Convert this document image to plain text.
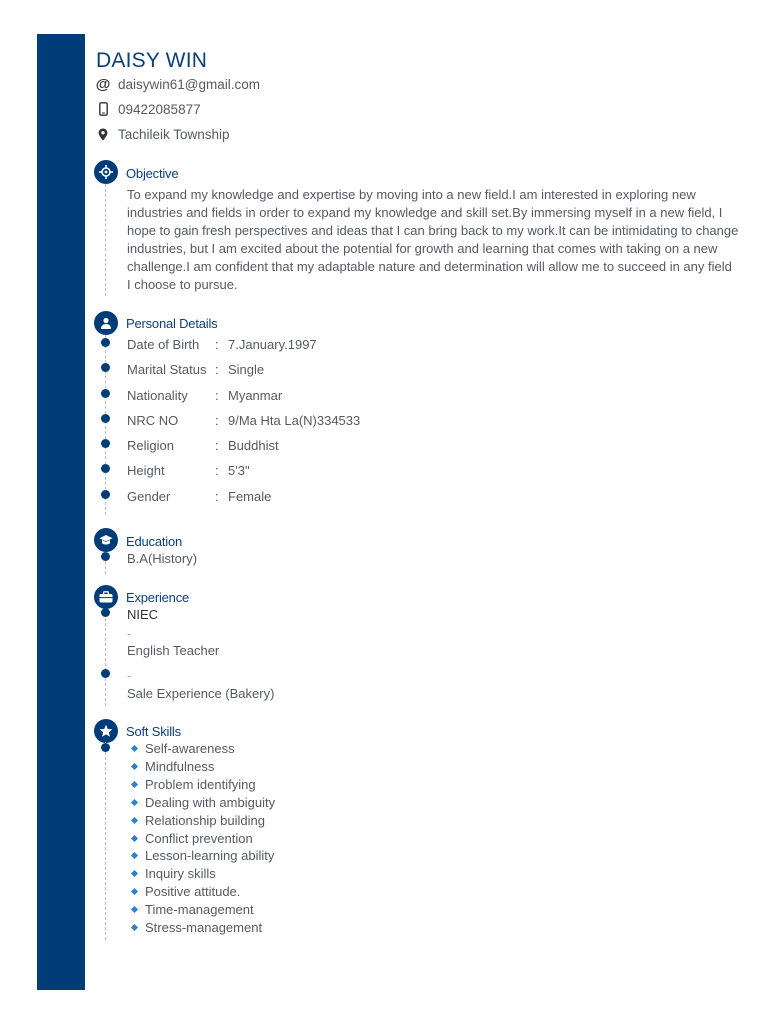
DAISY WIN
@ daisywin61@gmail.com
09422085877
Tachileik Township
Objective
To expand my knowledge and expertise by moving into a new field.I am interested in exploring new industries and fields in order to expand my knowledge and skill set.By immersing myself in a new field, I hope to gain fresh perspectives and ideas that I can bring back to my work.It can be intimidating to change industries, but I am excited about the potential for growth and learning that comes with taking on a new challenge.I am confident that my adaptable nature and determination will allow me to succeed in any field I choose to pursue.
Personal Details
Date of Birth	: 7.January.1997
Marital Status : Single
Nationality	: Myanmar
NRC NO	: 9/Ma Hta La(N)334533
Religion	: Buddhist
Height	: 5'3"
Gender	: Female
Education
B.A(History)
Experience
NIEC
-
English Teacher
-
Sale Experience (Bakery)
Soft Skills
Self-awareness
Mindfulness
Problem identifying
Dealing with ambiguity
Relationship building
Conflict prevention
Lesson-learning ability
Inquiry skills
Positive attitude.
Time-management
Stress-management
